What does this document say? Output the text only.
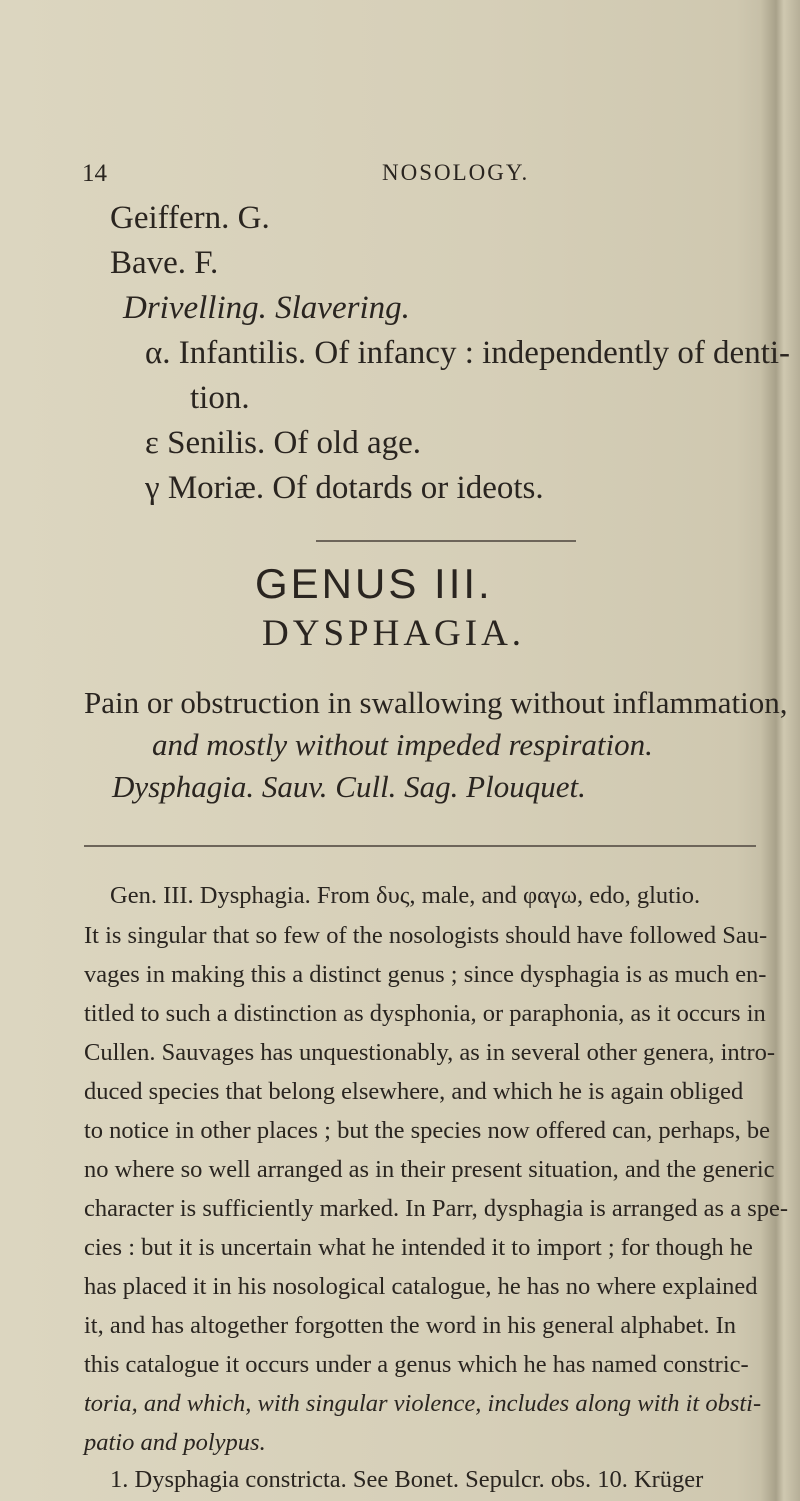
14	NOSOLOGY.
Geiffern. G.
Bave. F.
Drivelling. Slavering.
α. Infantilis. Of infancy : independently of denti-
tion.
ε Senilis. Of old age.
γ Moriæ. Of dotards or ideots.
GENUS III.
DYSPHAGIA.
Pain or obstruction in swallowing without inflammation,
and mostly without impeded respiration.
Dysphagia. Sauv. Cull. Sag. Plouquet.
Gen. III. Dysphagia. From δυς, male, and φαγω, edo, glutio.
It is singular that so few of the nosologists should have followed Sau-
vages in making this a distinct genus ; since dysphagia is as much en-
titled to such a distinction as dysphonia, or paraphonia, as it occurs in
Cullen. Sauvages has unquestionably, as in several other genera, intro-
duced species that belong elsewhere, and which he is again obliged
to notice in other places ; but the species now offered can, perhaps, be
no where so well arranged as in their present situation, and the generic
character is sufficiently marked. In Parr, dysphagia is arranged as a spe-
cies : but it is uncertain what he intended it to import ; for though he
has placed it in his nosological catalogue, he has no where explained
it, and has altogether forgotten the word in his general alphabet. In
this catalogue it occurs under a genus which he has named constric-
toria, and which, with singular violence, includes along with it obsti-
patio and polypus.
1. Dysphagia constricta. See Bonet. Sepulcr. obs. 10. Krüger
